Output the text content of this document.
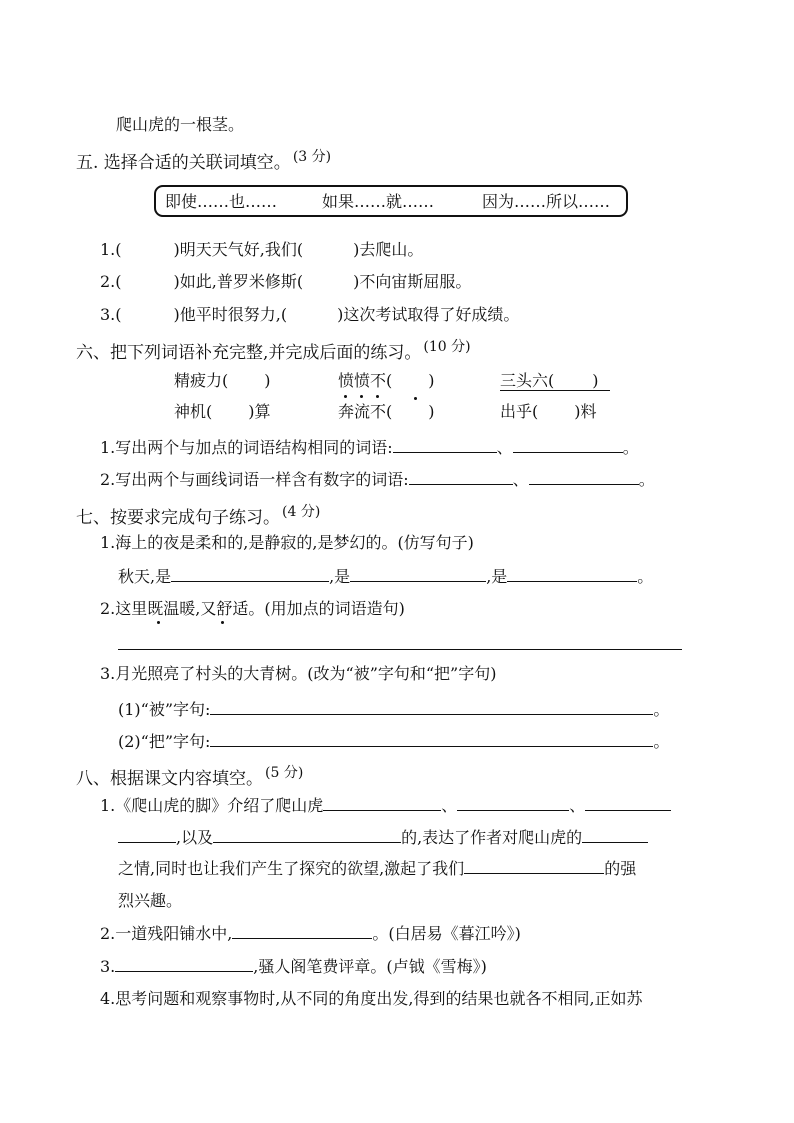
爬山虎的一根茎。
五. 选择合适的关联词填空。 $^{(3 分)}$
即使……也……	如果……就……	因为……所以……
1.(	)明天天气好,我们(	)去爬山。
2.(	)如此,普罗米修斯(	)不向宙斯屈服。
3.(	)他平时很努力,(	)这次考试取得了好成绩。
六、把下列词语补充完整,并完成后面的练习。 $^{(10 分)}$
精疲力( )	愤愤不( )	三头六( )
神机( )算	奔流不( )	出乎( )料
1.写出两个与加点的词语结构相同的词语:	、	。
2.写出两个与画线词语一样含有数字的词语:	、	。
七、按要求完成句子练习。 $^{(4 分)}$
1.海上的夜是柔和的,是静寂的,是梦幻的。(仿写句子)
秋天,是	,是	,是	。
2.这里既温暖,又舒适。(用加点的词语造句)
3.月光照亮了村头的大青树。(改为“被”字句和“把”字句)
(1)“被”字句:	。
(2)“把”字句:	。
八、根据课文内容填空。 $^{(5 分)}$
1.《爬山虎的脚》介绍了爬山虎	、	、
,以及	的,表达了作者对爬山虎的
之情,同时也让我们产生了探究的欲望,激起了我们	的强
烈兴趣。
2.一道残阳铺水中,	。(白居易《暮江吟》)
3.	,骚人阁笔费评章。(卢钺《雪梅》)
4.思考问题和观察事物时,从不同的角度出发,得到的结果也就各不相同,正如苏
